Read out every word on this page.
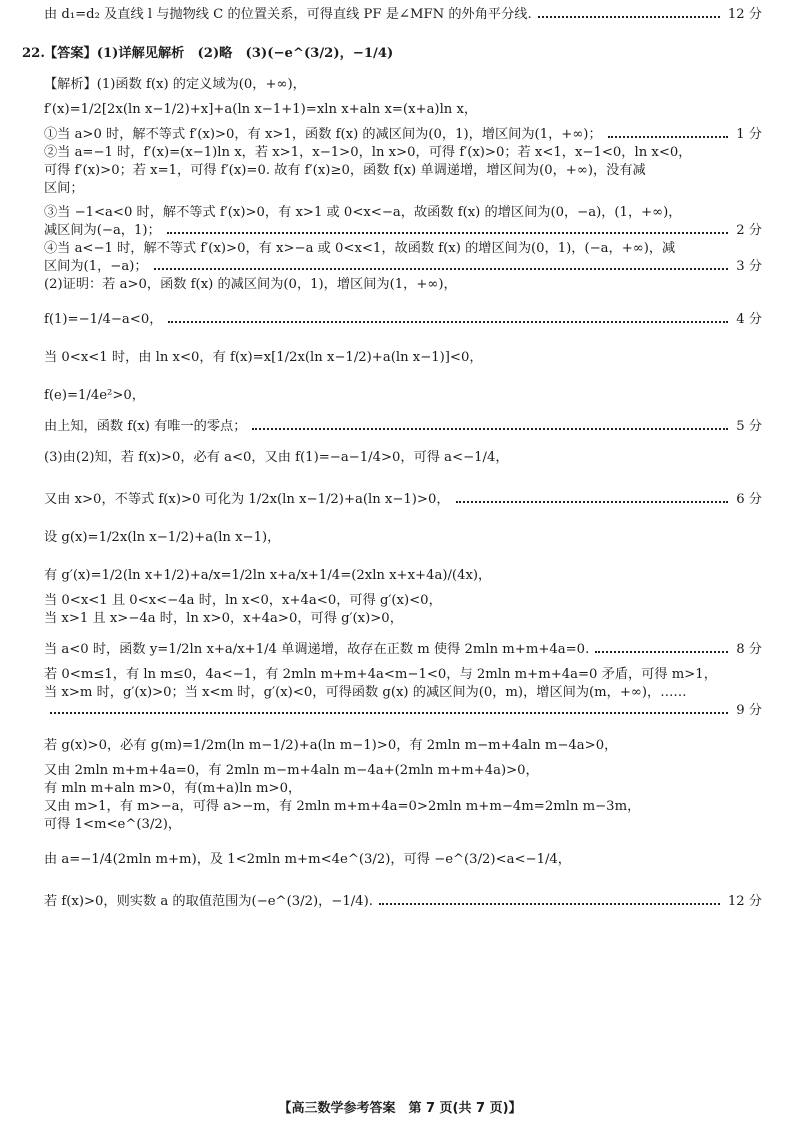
由 d₁=d₂ 及直线 l 与抛物线 C 的位置关系，可得直线 PF 是∠MFN 的外角平分线.	12 分
22. 【答案】(1)详解见解析　(2)略　(3)(−e^(3/2)，−1/4)
【解析】(1)函数 f(x) 的定义域为(0，+∞)，
f′(x)=1/2[2x(ln x−1/2)+x]+a(ln x−1+1)=xln x+aln x=(x+a)ln x，
①当 a>0 时，解不等式 f′(x)>0，有 x>1，函数 f(x) 的减区间为(0，1)，增区间为(1，+∞)；	1 分
②当 a=−1 时，f′(x)=(x−1)ln x，若 x>1，x−1>0，ln x>0，可得 f′(x)>0；若 x<1，x−1<0，ln x<0，
可得 f′(x)>0；若 x=1，可得 f′(x)=0. 故有 f′(x)≥0，函数 f(x) 单调递增，增区间为(0，+∞)，没有减
区间；
③当 −1<a<0 时，解不等式 f′(x)>0，有 x>1 或 0<x<−a，故函数 f(x) 的增区间为(0，−a)，(1，+∞)，
减区间为(−a，1)；	2 分
④当 a<−1 时，解不等式 f′(x)>0，有 x>−a 或 0<x<1，故函数 f(x) 的增区间为(0，1)，(−a，+∞)，减
区间为(1，−a)；	3 分
(2)证明：若 a>0，函数 f(x) 的减区间为(0，1)，增区间为(1，+∞)，
f(1)=−1/4−a<0，	4 分
当 0<x<1 时，由 ln x<0，有 f(x)=x[1/2x(ln x−1/2)+a(ln x−1)]<0，
f(e)=1/4e²>0，
由上知，函数 f(x) 有唯一的零点；	5 分
(3)由(2)知，若 f(x)>0，必有 a<0，又由 f(1)=−a−1/4>0，可得 a<−1/4，
又由 x>0，不等式 f(x)>0 可化为 1/2x(ln x−1/2)+a(ln x−1)>0，	6 分
设 g(x)=1/2x(ln x−1/2)+a(ln x−1)，
有 g′(x)=1/2(ln x+1/2)+a/x=1/2ln x+a/x+1/4=(2xln x+x+4a)/(4x)，
当 0<x<1 且 0<x<−4a 时，ln x<0，x+4a<0，可得 g′(x)<0，
当 x>1 且 x>−4a 时，ln x>0，x+4a>0，可得 g′(x)>0，
当 a<0 时，函数 y=1/2ln x+a/x+1/4 单调递增，故存在正数 m 使得 2mln m+m+4a=0.	8 分
若 0<m≤1，有 ln m≤0，4a<−1，有 2mln m+m+4a<m−1<0，与 2mln m+m+4a=0 矛盾，可得 m>1，
当 x>m 时，g′(x)>0；当 x<m 时，g′(x)<0，可得函数 g(x) 的减区间为(0，m)，增区间为(m，+∞)，……
9 分
若 g(x)>0，必有 g(m)=1/2m(ln m−1/2)+a(ln m−1)>0，有 2mln m−m+4aln m−4a>0，
又由 2mln m+m+4a=0，有 2mln m−m+4aln m−4a+(2mln m+m+4a)>0，
有 mln m+aln m>0，有(m+a)ln m>0，
又由 m>1，有 m>−a，可得 a>−m，有 2mln m+m+4a=0>2mln m+m−4m=2mln m−3m，
可得 1<m<e^(3/2)，
由 a=−1/4(2mln m+m)，及 1<2mln m+m<4e^(3/2)，可得 −e^(3/2)<a<−1/4，
若 f(x)>0，则实数 a 的取值范围为(−e^(3/2)，−1/4).	12 分
【高三数学参考答案　第 7 页(共 7 页)】
